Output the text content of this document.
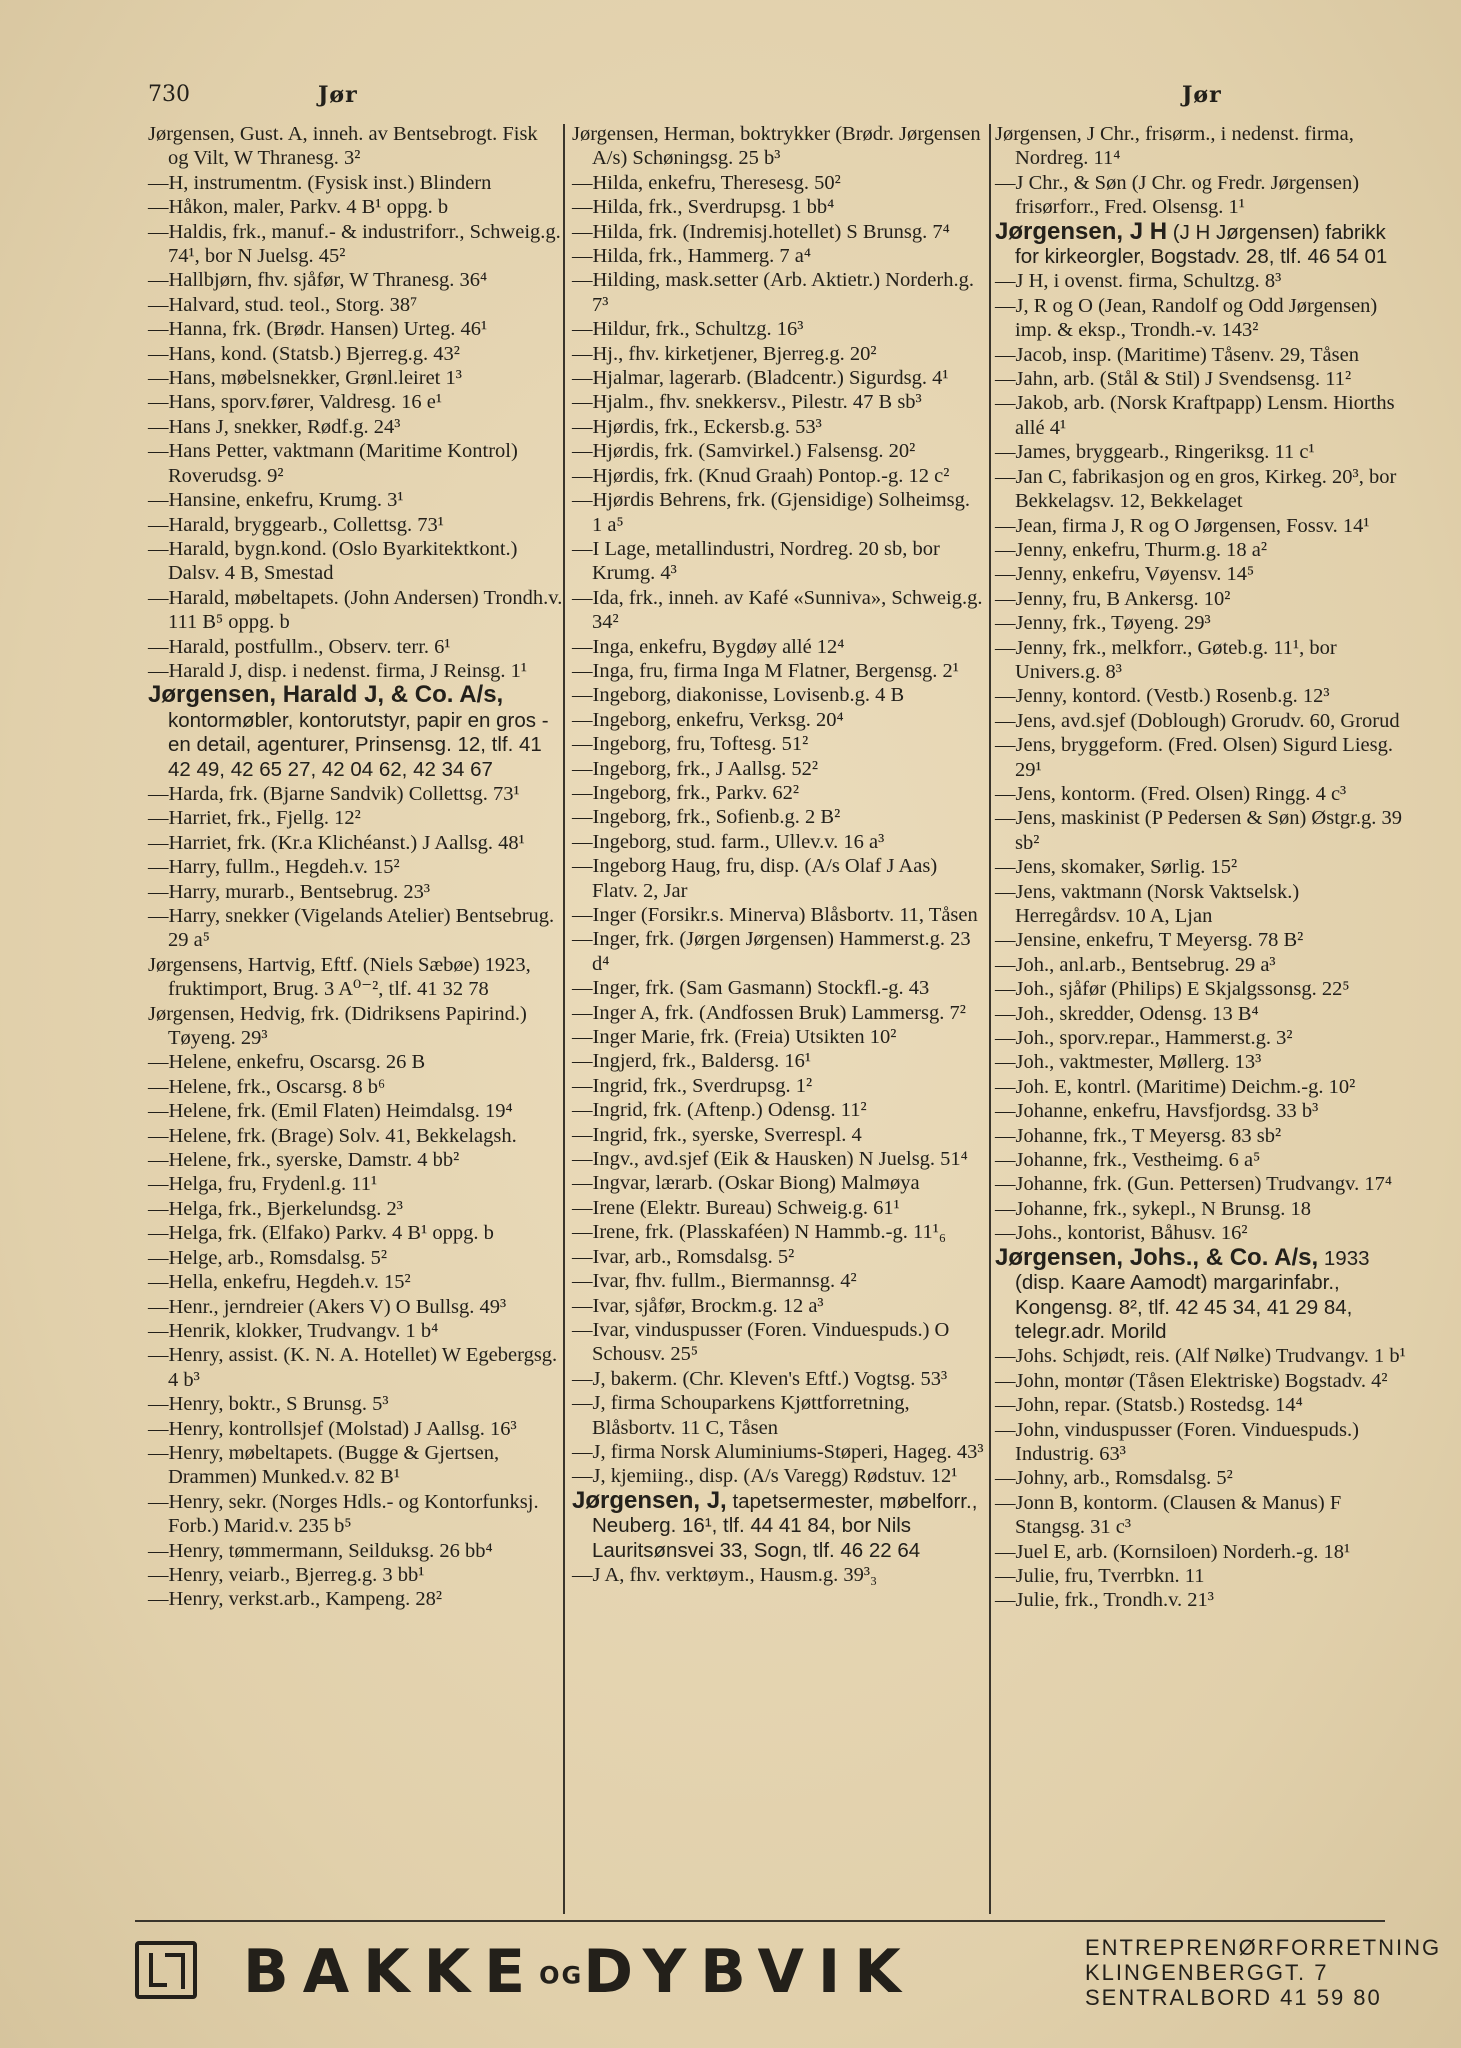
730	Jør	Jør

Jørgensen, Gust. A, inneh. av Bentsebrogt. Fisk og Vilt, W Thranesg. 3²

—H, instrumentm. (Fysisk inst.) Blindern

—Håkon, maler, Parkv. 4 B¹ oppg. b

—Haldis, frk., manuf.- & industriforr., Schweig.g. 74¹, bor N Juelsg. 45²

—Hallbjørn, fhv. sjåfør, W Thranesg. 36⁴

—Halvard, stud. teol., Storg. 38⁷

—Hanna, frk. (Brødr. Hansen) Urteg. 46¹

—Hans, kond. (Statsb.) Bjerreg.g. 43²

—Hans, møbelsnekker, Grønl.leiret 1³

—Hans, sporv.fører, Valdresg. 16 e¹

—Hans J, snekker, Rødf.g. 24³

—Hans Petter, vaktmann (Maritime Kontrol) Roverudsg. 9²

—Hansine, enkefru, Krumg. 3¹

—Harald, bryggearb., Collettsg. 73¹

—Harald, bygn.kond. (Oslo Byarkitektkont.) Dalsv. 4 B, Smestad

—Harald, møbeltapets. (John Andersen) Trondh.v. 111 B⁵ oppg. b

—Harald, postfullm., Observ. terr. 6¹

—Harald J, disp. i nedenst. firma, J Reinsg. 1¹

Jørgensen, Harald J, & Co. A/s, kontormøbler, kontorutstyr, papir en gros - en detail, agenturer, Prinsensg. 12, tlf. 41 42 49, 42 65 27, 42 04 62, 42 34 67

—Harda, frk. (Bjarne Sandvik) Collettsg. 73¹

—Harriet, frk., Fjellg. 12²

—Harriet, frk. (Kr.a Klichéanst.) J Aallsg. 48¹

—Harry, fullm., Hegdeh.v. 15²

—Harry, murarb., Bentsebrug. 23³

—Harry, snekker (Vigelands Atelier) Bentsebrug. 29 a⁵

Jørgensens, Hartvig, Eftf. (Niels Sæbøe) 1923, fruktimport, Brug. 3 A⁰⁻², tlf. 41 32 78

Jørgensen, Hedvig, frk. (Didriksens Papirind.) Tøyeng. 29³

—Helene, enkefru, Oscarsg. 26 B

—Helene, frk., Oscarsg. 8 b⁶

—Helene, frk. (Emil Flaten) Heimdalsg. 19⁴

—Helene, frk. (Brage) Solv. 41, Bekkelagsh.

—Helene, frk., syerske, Damstr. 4 bb²

—Helga, fru, Frydenl.g. 11¹

—Helga, frk., Bjerkelundsg. 2³

—Helga, frk. (Elfako) Parkv. 4 B¹ oppg. b

—Helge, arb., Romsdalsg. 5²

—Hella, enkefru, Hegdeh.v. 15²

—Henr., jerndreier (Akers V) O Bullsg. 49³

—Henrik, klokker, Trudvangv. 1 b⁴

—Henry, assist. (K. N. A. Hotellet) W Egebergsg. 4 b³

—Henry, boktr., S Brunsg. 5³

—Henry, kontrollsjef (Molstad) J Aallsg. 16³

—Henry, møbeltapets. (Bugge & Gjertsen, Drammen) Munked.v. 82 B¹

—Henry, sekr. (Norges Hdls.- og Kontorfunksj. Forb.) Marid.v. 235 b⁵

—Henry, tømmermann, Seilduksg. 26 bb⁴

—Henry, veiarb., Bjerreg.g. 3 bb¹

—Henry, verkst.arb., Kampeng. 28²

Jørgensen, Herman, boktrykker (Brødr. Jørgensen A/s) Schøningsg. 25 b³

—Hilda, enkefru, Theresesg. 50²

—Hilda, frk., Sverdrupsg. 1 bb⁴

—Hilda, frk. (Indremisj.hotellet) S Brunsg. 7⁴

—Hilda, frk., Hammerg. 7 a⁴

—Hilding, mask.setter (Arb. Aktietr.) Norderh.g. 7³

—Hildur, frk., Schultzg. 16³

—Hj., fhv. kirketjener, Bjerreg.g. 20²

—Hjalmar, lagerarb. (Bladcentr.) Sigurdsg. 4¹

—Hjalm., fhv. snekkersv., Pilestr. 47 B sb³

—Hjørdis, frk., Eckersb.g. 53³

—Hjørdis, frk. (Samvirkel.) Falsensg. 20²

—Hjørdis, frk. (Knud Graah) Pontop.-g. 12 c²

—Hjørdis Behrens, frk. (Gjensidige) Solheimsg. 1 a⁵

—I Lage, metallindustri, Nordreg. 20 sb, bor Krumg. 4³

—Ida, frk., inneh. av Kafé «Sunniva», Schweig.g. 34²

—Inga, enkefru, Bygdøy allé 12⁴

—Inga, fru, firma Inga M Flatner, Bergensg. 2¹

—Ingeborg, diakonisse, Lovisenb.g. 4 B

—Ingeborg, enkefru, Verksg. 20⁴

—Ingeborg, fru, Toftesg. 51²

—Ingeborg, frk., J Aallsg. 52²

—Ingeborg, frk., Parkv. 62²

—Ingeborg, frk., Sofienb.g. 2 B²

—Ingeborg, stud. farm., Ullev.v. 16 a³

—Ingeborg Haug, fru, disp. (A/s Olaf J Aas) Flatv. 2, Jar

—Inger (Forsikr.s. Minerva) Blåsbortv. 11, Tåsen

—Inger, frk. (Jørgen Jørgensen) Hammerst.g. 23 d⁴

—Inger, frk. (Sam Gasmann) Stockfl.-g. 43

—Inger A, frk. (Andfossen Bruk) Lammersg. 7²

—Inger Marie, frk. (Freia) Utsikten 10²

—Ingjerd, frk., Baldersg. 16¹

—Ingrid, frk., Sverdrupsg. 1²

—Ingrid, frk. (Aftenp.) Odensg. 11²

—Ingrid, frk., syerske, Sverrespl. 4

—Ingv., avd.sjef (Eik & Hausken) N Juelsg. 51⁴

—Ingvar, lærarb. (Oskar Biong) Malmøya

—Irene (Elektr. Bureau) Schweig.g. 61¹

—Irene, frk. (Plasskaféen) N Hammb.-g. 11¹₆

—Ivar, arb., Romsdalsg. 5²

—Ivar, fhv. fullm., Biermannsg. 4²

—Ivar, sjåfør, Brockm.g. 12 a³

—Ivar, vinduspusser (Foren. Vinduespuds.) O Schousv. 25⁵

—J, bakerm. (Chr. Kleven's Eftf.) Vogtsg. 53³

—J, firma Schouparkens Kjøttforretning, Blåsbortv. 11 C, Tåsen

—J, firma Norsk Aluminiums-Støperi, Hageg. 43³

—J, kjemiing., disp. (A/s Varegg) Rødstuv. 12¹

Jørgensen, J, tapetsermester, møbelforr., Neuberg. 16¹, tlf. 44 41 84, bor Nils Lauritsønsvei 33, Sogn, tlf. 46 22 64

—J A, fhv. verktøym., Hausm.g. 39³₃

Jørgensen, J Chr., frisørm., i nedenst. firma, Nordreg. 11⁴

—J Chr., & Søn (J Chr. og Fredr. Jørgensen) frisørforr., Fred. Olsensg. 1¹

Jørgensen, J H (J H Jørgensen) fabrikk for kirkeorgler, Bogstadv. 28, tlf. 46 54 01

—J H, i ovenst. firma, Schultzg. 8³

—J, R og O (Jean, Randolf og Odd Jørgensen) imp. & eksp., Trondh.-v. 143²

—Jacob, insp. (Maritime) Tåsenv. 29, Tåsen

—Jahn, arb. (Stål & Stil) J Svendsensg. 11²

—Jakob, arb. (Norsk Kraftpapp) Lensm. Hiorths allé 4¹

—James, bryggearb., Ringeriksg. 11 c¹

—Jan C, fabrikasjon og en gros, Kirkeg. 20³, bor Bekkelagsv. 12, Bekkelaget

—Jean, firma J, R og O Jørgensen, Fossv. 14¹

—Jenny, enkefru, Thurm.g. 18 a²

—Jenny, enkefru, Vøyensv. 14⁵

—Jenny, fru, B Ankersg. 10²

—Jenny, frk., Tøyeng. 29³

—Jenny, frk., melkforr., Gøteb.g. 11¹, bor Univers.g. 8³

—Jenny, kontord. (Vestb.) Rosenb.g. 12³

—Jens, avd.sjef (Doblough) Grorudv. 60, Grorud

—Jens, bryggeform. (Fred. Olsen) Sigurd Liesg. 29¹

—Jens, kontorm. (Fred. Olsen) Ringg. 4 c³

—Jens, maskinist (P Pedersen & Søn) Østgr.g. 39 sb²

—Jens, skomaker, Sørlig. 15²

—Jens, vaktmann (Norsk Vaktselsk.) Herregårdsv. 10 A, Ljan

—Jensine, enkefru, T Meyersg. 78 B²

—Joh., anl.arb., Bentsebrug. 29 a³

—Joh., sjåfør (Philips) E Skjalgssonsg. 22⁵

—Joh., skredder, Odensg. 13 B⁴

—Joh., sporv.repar., Hammerst.g. 3²

—Joh., vaktmester, Møllerg. 13³

—Joh. E, kontrl. (Maritime) Deichm.-g. 10²

—Johanne, enkefru, Havsfjordsg. 33 b³

—Johanne, frk., T Meyersg. 83 sb²

—Johanne, frk., Vestheimg. 6 a⁵

—Johanne, frk. (Gun. Pettersen) Trudvangv. 17⁴

—Johanne, frk., sykepl., N Brunsg. 18

—Johs., kontorist, Båhusv. 16²

Jørgensen, Johs., & Co. A/s, 1933 (disp. Kaare Aamodt) margarinfabr., Kongensg. 8², tlf. 42 45 34, 41 29 84, telegr.adr. Morild

—Johs. Schjødt, reis. (Alf Nølke) Trudvangv. 1 b¹

—John, montør (Tåsen Elektriske) Bogstadv. 4²

—John, repar. (Statsb.) Rostedsg. 14⁴

—John, vinduspusser (Foren. Vinduespuds.) Industrig. 63³

—Johny, arb., Romsdalsg. 5²

—Jonn B, kontorm. (Clausen & Manus) F Stangsg. 31 c³

—Juel E, arb. (Kornsiloen) Norderh.-g. 18¹

—Julie, fru, Tverrbkn. 11

—Julie, frk., Trondh.v. 21³

BAKKEOGDYBVIK	ENTREPRENØRFORRETNING
KLINGENBERGGT. 7
SENTRALBORD 41 59 80
